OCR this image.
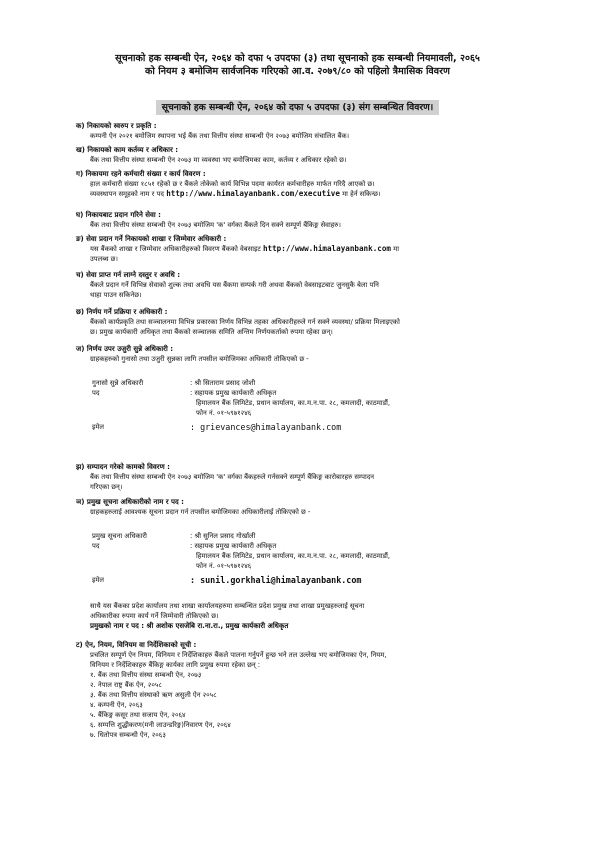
सूचनाको हक सम्बन्धी ऐन, २०६४ को दफा ५ उपदफा (३) तथा सूचनाको हक सम्बन्धी नियमावली, २०६५
को नियम ३ बमोजिम सार्वजनिक गरिएको आ.व. २०७९/८० को पहिलो त्रैमासिक विवरण
सूचनाको हक सम्बन्धी ऐन, २०६४ को दफा ५ उपदफा (३) संग सम्बन्धित विवरण।
क) निकायको स्वरुप र प्रकृति :
कम्पनी ऐन २०२१ बमोजिम स्थापना भई बैंक तथा वित्तीय संस्था सम्बन्धी ऐन २०७३ बमोजिम संचालित बैंक।
ख) निकायको काम कर्तव्य र अधिकार :
बैंक तथा वित्तीय संस्था सम्बन्धी ऐन २०७३ मा व्यवस्था भए बमोजिमका काम, कर्तव्य र अधिकार रहेको छ।
ग) निकायमा रहने कर्मचारी संख्या र कार्य विवरण :
हाल कर्मचारी संख्या १८५१ रहेको छ र बैंकले तोकेको कार्य विभिन्न पदमा कार्यरत कर्मचारीहरु मार्फत गरिदै आएको छ।
व्यवस्थापन समूहको नाम र पद http://www.himalayanbank.com/executive मा हेर्न सकिन्छ।
घ) निकायबाट प्रदान गरिने सेवा :
बैंक तथा वित्तीय संस्था सम्बन्धी ऐन २०७३ बमोजिम 'क' वर्गका बैंकले दिन सक्ने सम्पूर्ण बैंकिङ्ग सेवाहरु।
ङ) सेवा प्रदान गर्ने निकायको शाखा र जिम्मेवार अधिकारी :
यस बैंकको शाखा र जिम्मेवार अधिकारीहरुको विवरण बैंकको वेबसाइट http://www.himalayanbank.com मा
उपलब्ध छ।
च) सेवा प्राप्त गर्न लाग्ने दस्तुर र अवधि :
बैंकले प्रदान गर्ने विभिन्न सेवाको शुल्क तथा अवधि यस बैंकमा सम्पर्क गरी अथवा बैंकको वेबसाइटबाट जुनसुकै बेला पनि
थाहा पाउन सकिनेछ।
छ) निर्णय गर्ने प्रक्रिया र अधिकारी :
बैंकको कार्यप्रकृति तथा सञ्चालनमा विभिन्न प्रकारका निर्णय विभिन्न तहका अधिकारीहरुले गर्न सक्ने व्यवस्था/ प्रक्रिया मिलाइएको
छ। प्रमुख कार्यकारी अधिकृत तथा बैंकको सञ्चालक समिति अन्तिम निर्णयकर्ताको रुपमा रहेका छन्।
ज) निर्णय उपर उजुरी सुन्ने अधिकारी :
ग्राहकहरुको गुनासो तथा उजुरी सुन्नका लागि तपसील बमोजिमका अधिकारी तोकिएको छ -
गुनासो सुन्ने अधिकारी	: श्री सिताराम प्रसाद जोशी
पद	: सहायक प्रमुख कार्यकारी अधिकृत
हिमालयन बैंक लिमिटेड, प्रधान कार्यालय, का.म.न.पा. २८, कमलादी, काठमाडौं,
फोन नं. ०१-५९७१२४६
इमेल	: grievances@himalayanbank.com
झ) सम्पादन गरेको कामको विवरण :
बैंक तथा वित्तीय संस्था सम्बन्धी ऐन २०७३ बमोजिम 'क' वर्गका बैंकहरुले गर्नसक्ने सम्पूर्ण बैंकिङ्ग कारोबारहरु सम्पादन
गरिएका छन्।
ञ) प्रमुख सूचना अधिकारीको नाम र पद :
ग्राहकहरुलाई आवश्यक सूचना प्रदान गर्न तपसील बमोजिमका अधिकारीलाई तोकिएको छ -
प्रमुख सूचना अधिकारी	: श्री सुनिल प्रसाद गोर्खाली
पद	: सहायक प्रमुख कार्यकारी अधिकृत
हिमालयन बैंक लिमिटेड, प्रधान कार्यालय, का.म.न.पा. २८, कमलादी, काठमाडौं,
फोन नं. ०१-५९७१२४६
इमेल	: sunil.gorkhali@himalayanbank.com
साथै यस बैंकका प्रदेश कार्यालय तथा शाखा कार्यालयहरुमा सम्बन्धित प्रदेश प्रमुख तथा शाखा प्रमुखहरुलाई सूचना
अधिकारीका रुपमा कार्य गर्ने जिम्मेवारी तोकिएको छ।
प्रमुखको नाम र पद : श्री अशोक एसजेबि रा.ना.रा., प्रमुख कार्यकारी अधिकृत
ट) ऐन, नियम, विनियम वा निर्देशिकाको सूची :
प्रचलित सम्पूर्ण ऐन नियम, विनियम र निर्देशिकाहरु बैंकले पालना गर्नुपर्ने हुन्छ भने तल उल्लेख भए बमोजिमका ऐन, नियम,
विनियम र निर्देशिकाहरु बैंकिङ्ग कार्यका लागि प्रमुख रुपमा रहेका छन् :
१. बैंक तथा वित्तीय संस्था सम्बन्धी ऐन, २०७३
२. नेपाल राष्ट्र बैंक ऐन, २०५८
३. बैंक तथा वित्तीय संस्थाको ऋण असुली ऐन २०५८
४. कम्पनी ऐन, २०६३
५. बैंकिङ्ग कसूर तथा सजाय ऐन, २०६४
६. सम्पत्ति शुद्धीकरण(मनी लाउन्डरिङ्ग)निवारण ऐन, २०६४
७. धितोपत्र सम्बन्धी ऐन, २०६३
